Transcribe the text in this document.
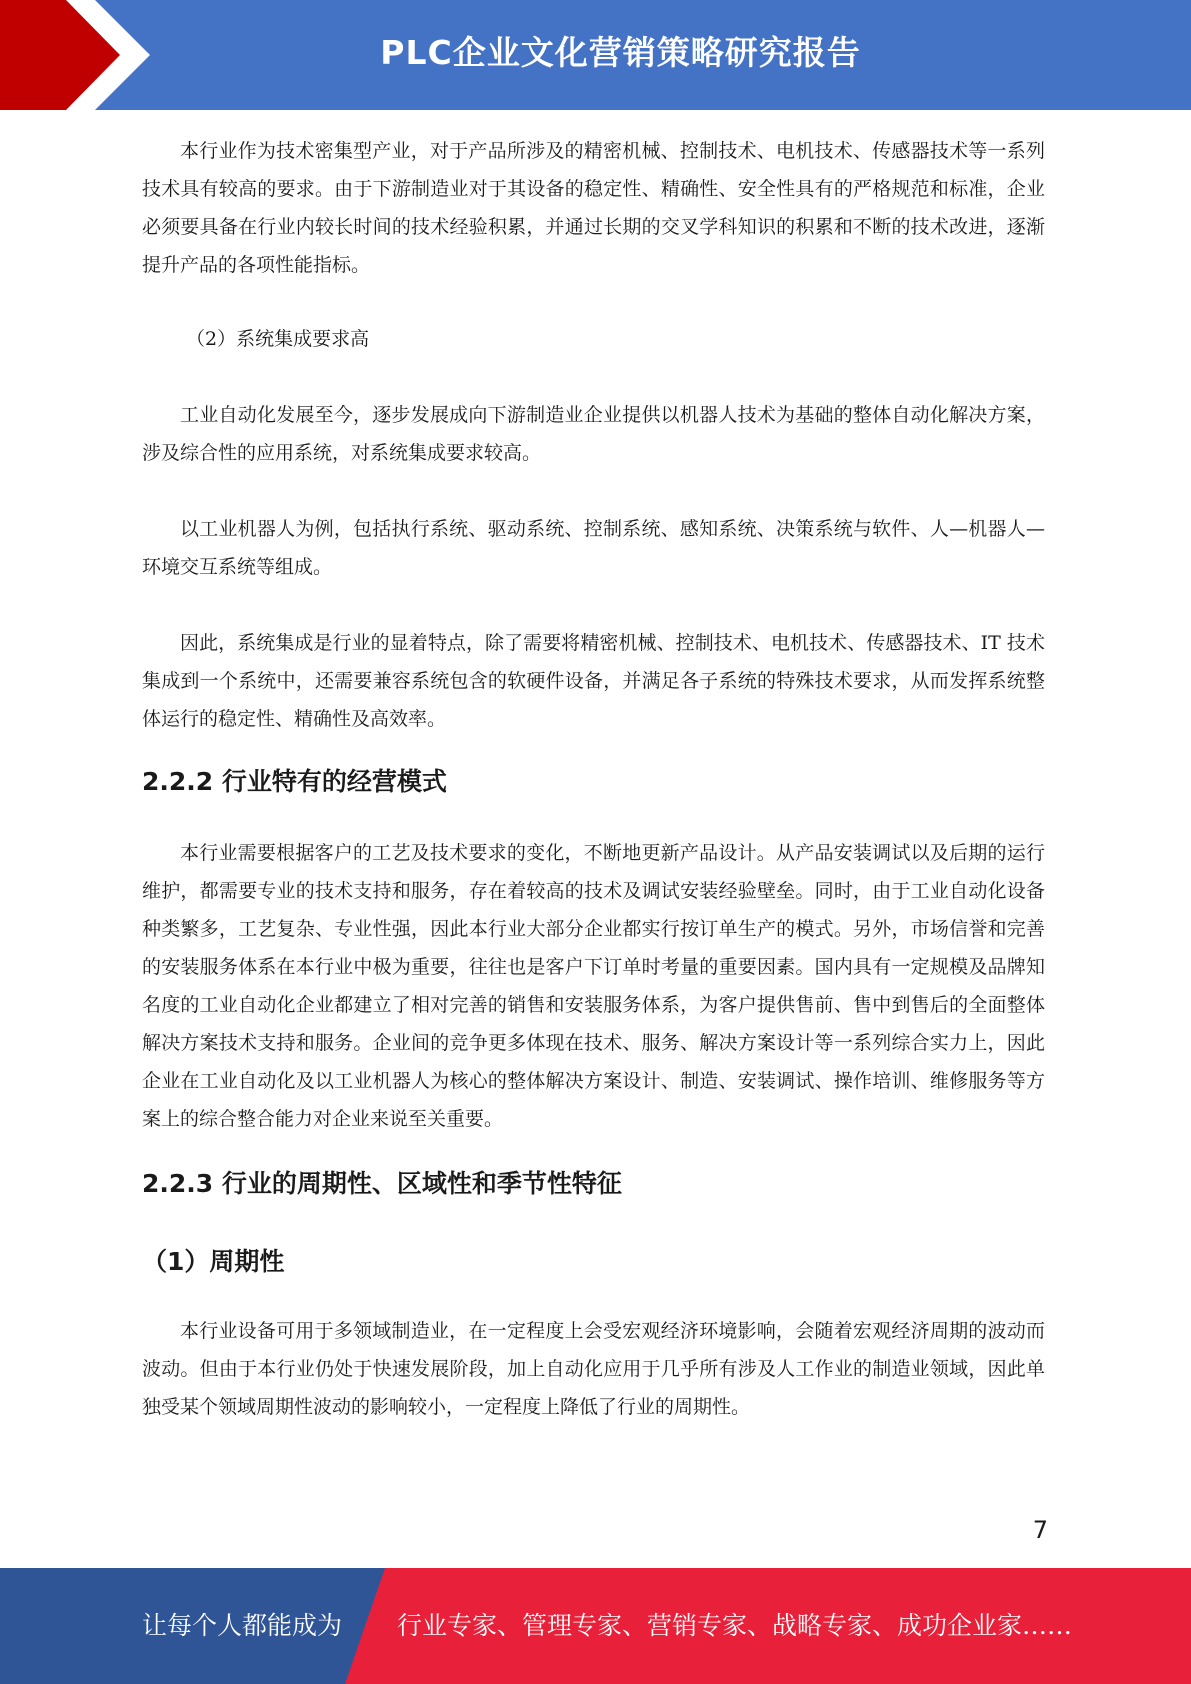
PLC企业文化营销策略研究报告

本行业作为技术密集型产业，对于产品所涉及的精密机械、控制技术、电机技术、传感器技术等一系列技术具有较高的要求。由于下游制造业对于其设备的稳定性、精确性、安全性具有的严格规范和标准，企业必须要具备在行业内较长时间的技术经验积累，并通过长期的交叉学科知识的积累和不断的技术改进，逐渐提升产品的各项性能指标。

（2）系统集成要求高

工业自动化发展至今，逐步发展成向下游制造业企业提供以机器人技术为基础的整体自动化解决方案，涉及综合性的应用系统，对系统集成要求较高。

以工业机器人为例，包括执行系统、驱动系统、控制系统、感知系统、决策系统与软件、人—机器人—环境交互系统等组成。

因此，系统集成是行业的显着特点，除了需要将精密机械、控制技术、电机技术、传感器技术、IT 技术集成到一个系统中，还需要兼容系统包含的软硬件设备，并满足各子系统的特殊技术要求，从而发挥系统整体运行的稳定性、精确性及高效率。

2.2.2 行业特有的经营模式

本行业需要根据客户的工艺及技术要求的变化，不断地更新产品设计。从产品安装调试以及后期的运行维护，都需要专业的技术支持和服务，存在着较高的技术及调试安装经验壁垒。同时，由于工业自动化设备种类繁多，工艺复杂、专业性强，因此本行业大部分企业都实行按订单生产的模式。另外，市场信誉和完善的安装服务体系在本行业中极为重要，往往也是客户下订单时考量的重要因素。国内具有一定规模及品牌知名度的工业自动化企业都建立了相对完善的销售和安装服务体系，为客户提供售前、售中到售后的全面整体解决方案技术支持和服务。企业间的竞争更多体现在技术、服务、解决方案设计等一系列综合实力上，因此企业在工业自动化及以工业机器人为核心的整体解决方案设计、制造、安装调试、操作培训、维修服务等方案上的综合整合能力对企业来说至关重要。

2.2.3 行业的周期性、区域性和季节性特征
（1）周期性

本行业设备可用于多领域制造业，在一定程度上会受宏观经济环境影响，会随着宏观经济周期的波动而波动。但由于本行业仍处于快速发展阶段，加上自动化应用于几乎所有涉及人工作业的制造业领域，因此单独受某个领域周期性波动的影响较小，一定程度上降低了行业的周期性。

7
让每个人都能成为 行业专家、管理专家、营销专家、战略专家、成功企业家……
